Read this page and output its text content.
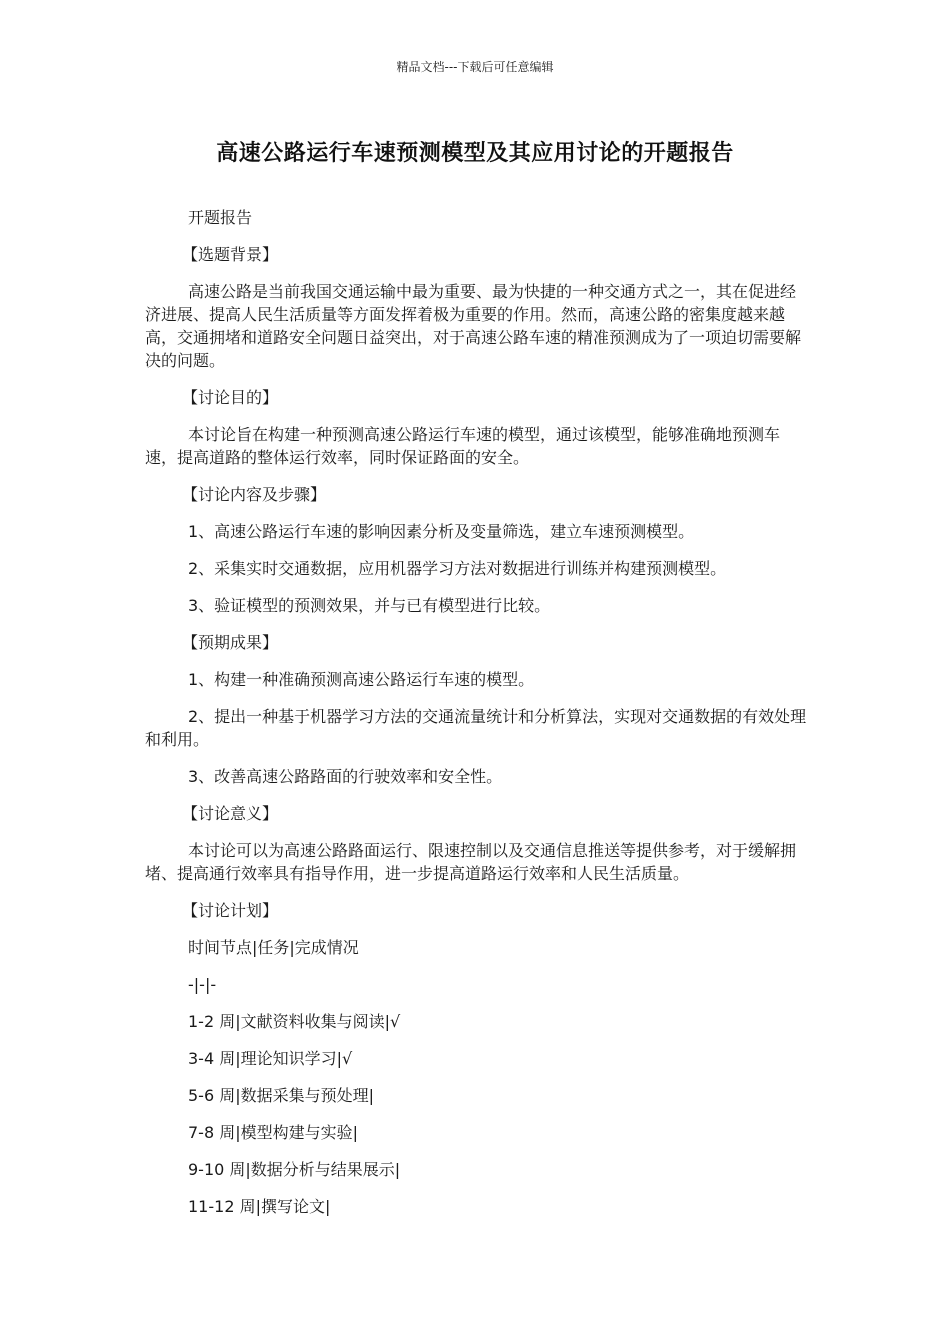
精品文档---下载后可任意编辑
高速公路运行车速预测模型及其应用讨论的开题报告

开题报告

【选题背景】

高速公路是当前我国交通运输中最为重要、最为快捷的一种交通方式之一，其在促进经济进展、提高人民生活质量等方面发挥着极为重要的作用。然而，高速公路的密集度越来越高，交通拥堵和道路安全问题日益突出，对于高速公路车速的精准预测成为了一项迫切需要解决的问题。

【讨论目的】

本讨论旨在构建一种预测高速公路运行车速的模型，通过该模型，能够准确地预测车速，提高道路的整体运行效率，同时保证路面的安全。

【讨论内容及步骤】

1、高速公路运行车速的影响因素分析及变量筛选，建立车速预测模型。

2、采集实时交通数据，应用机器学习方法对数据进行训练并构建预测模型。

3、验证模型的预测效果，并与已有模型进行比较。

【预期成果】

1、构建一种准确预测高速公路运行车速的模型。

2、提出一种基于机器学习方法的交通流量统计和分析算法，实现对交通数据的有效处理和利用。

3、改善高速公路路面的行驶效率和安全性。

【讨论意义】

本讨论可以为高速公路路面运行、限速控制以及交通信息推送等提供参考，对于缓解拥堵、提高通行效率具有指导作用，进一步提高道路运行效率和人民生活质量。

【讨论计划】

时间节点|任务|完成情况

-|-|-

1-2 周|文献资料收集与阅读|√

3-4 周|理论知识学习|√

5-6 周|数据采集与预处理|

7-8 周|模型构建与实验|

9-10 周|数据分析与结果展示|

11-12 周|撰写论文|
